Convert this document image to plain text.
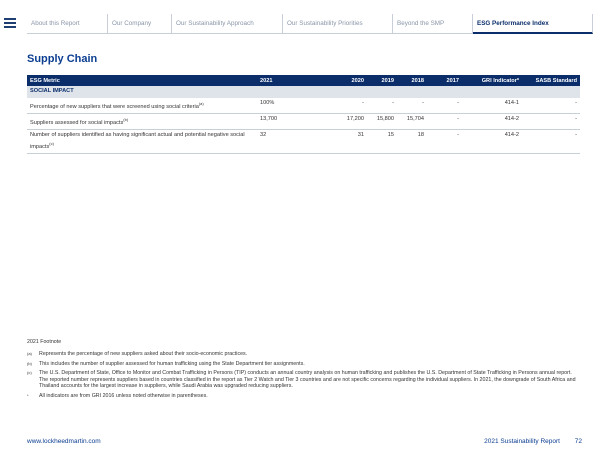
About this Report	Our Company	Our Sustainability Approach	Our Sustainability Priorities	Beyond the SMP	ESG Performance Index
Supply Chain
ESG Metric	2021	2020	2019	2018	2017	GRI Indicator*	SASB Standard
SOCIAL IMPACT							
Percentage of new suppliers that were screened using social criteria$^{(a)}$	100%	-	-	-	-	414-1	-
Suppliers assessed for social impacts$^{(b)}$	13,700	17,200	15,800	15,704	-	414-2	-
Number of suppliers identified as having significant actual and potential negative social impacts$^{(c)}$	32	31	15	18	-	414-2	-
2021 Footnote
(a)	Represents the percentage of new suppliers asked about their socio-economic practices.
(b)	This includes the number of supplier assessed for human trafficking using the State Department tier assignments.
(c)	The U.S. Department of State, Office to Monitor and Combat Trafficking in Persons (TIP) conducts an annual country analysis on human trafficking and publishes the U.S. Department of State Trafficking in Persons annual report. The reported number represents suppliers based in countries classified in the report as Tier 2 Watch and Tier 3 countries and are not specific concerns regarding the individual suppliers. In 2021, the downgrade of South Africa and Thailand accounts for the largest increase in suppliers, while Saudi Arabia was upgraded reducing suppliers.
*	All indicators are from GRI 2016 unless noted otherwise in parentheses.
www.lockheedmartin.com	2021 Sustainability Report 72
